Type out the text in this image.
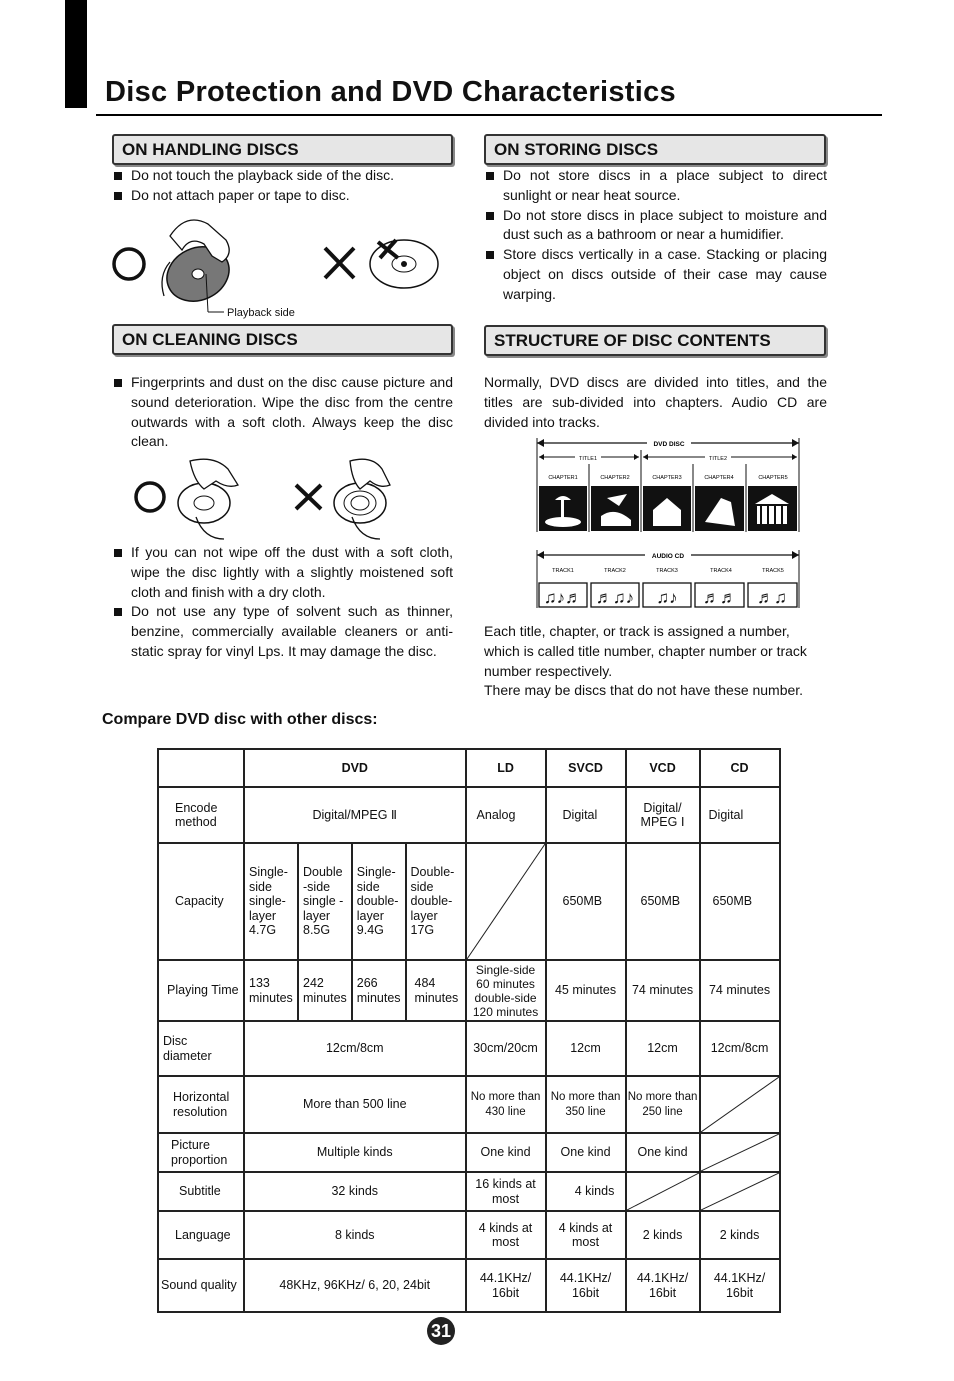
Disc Protection and DVD Characteristics
ON HANDLING DISCS
Do not touch the playback side of the disc.
Do not attach paper or tape to disc.
Playback side
ON STORING DISCS
Do not store discs in a place subject to direct sunlight or near heat source.
Do not store discs in place subject to moisture and dust such as a bathroom or near a humidifier.
Store discs vertically in a case. Stacking or placing object on discs outside of their case may cause warping.
ON CLEANING DISCS
Fingerprints and dust on the disc cause picture and sound deterioration. Wipe the disc from the centre outwards with a soft cloth. Always keep the disc clean.
If you can not wipe off the dust with a soft cloth, wipe the disc lightly with a slightly moistened soft cloth and finish with a dry cloth.
Do not use any type of solvent such as thinner, benzine, commercially available cleaners or anti-static spray for vinyl Lps. It may damage the disc.
STRUCTURE OF DISC CONTENTS
Normally, DVD discs are divided into titles, and the titles are sub-divided into chapters. Audio CD are divided into tracks.
DVD DISC
TITLE1	TITLE2
CHAPTER1	CHAPTER2	CHAPTER3	CHAPTER4	CHAPTER5
AUDIO CD
TRACK1	TRACK2	TRACK3	TRACK4	TRACK5
♫♪♬ ♬♫♪ ♫♪ ♬♬ ♬♫
Each title, chapter, or track is assigned a number, which is called title number, chapter number or track number respectively.
There may be discs that do not have these number.
Compare DVD disc with other discs:
	DVD				LD	SVCD	VCD	CD
Encode method	Digital/MPEG Ⅱ				Analog	Digital	Digital/ MPEG Ⅰ	Digital
Capacity	Single-side single-layer 4.7G	Double -side single -layer 8.5G	Single-side double-layer 9.4G	Double-side double-layer 17G		650MB	650MB	650MB
Playing Time	133 minutes	242 minutes	266 minutes	484 minutes	Single-side 60 minutes double-side 120 minutes	45 minutes	74 minutes	74 minutes
Disc diameter	12cm/8cm				30cm/20cm	12cm	12cm	12cm/8cm
Horizontal resolution	More than 500 line				No more than 430 line	No more than 350 line	No more than 250 line	

Picture proportion	Multiple kinds				One kind	One kind	One kind	

Subtitle	32 kinds				16 kinds at most	4 kinds	

Language	8 kinds				4 kinds at most	4 kinds at most	2 kinds	2 kinds
Sound quality	48KHz, 96KHz/ 6, 20, 24bit				44.1KHz/ 16bit	44.1KHz/ 16bit	44.1KHz/ 16bit	44.1KHz/ 16bit
31
